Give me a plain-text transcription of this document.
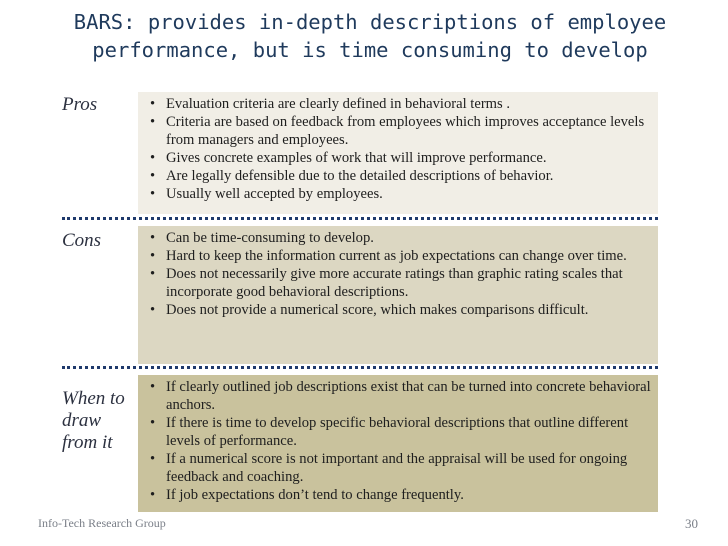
BARS: provides in-depth descriptions of employee
performance, but is time consuming to develop
Pros	• Evaluation criteria are clearly defined in behavioral terms .
• Criteria are based on feedback from employees which improves acceptance levels from managers and employees.
• Gives concrete examples of work that will improve performance.
• Are legally defensible due to the detailed descriptions of behavior.
• Usually well accepted by employees.
Cons	• Can be time-consuming to develop.
• Hard to keep the information current as job expectations can change over time.
• Does not necessarily give more accurate ratings than graphic rating scales that incorporate good behavioral descriptions.
• Does not provide a numerical score, which makes comparisons difficult.
When to
draw
from it
• If clearly outlined job descriptions exist that can be turned into concrete behavioral anchors.
• If there is time to develop specific behavioral descriptions that outline different levels of performance.
• If a numerical score is not important and the appraisal will be used for ongoing feedback and coaching.
• If job expectations don’t tend to change frequently.
Info-Tech Research Group	30
